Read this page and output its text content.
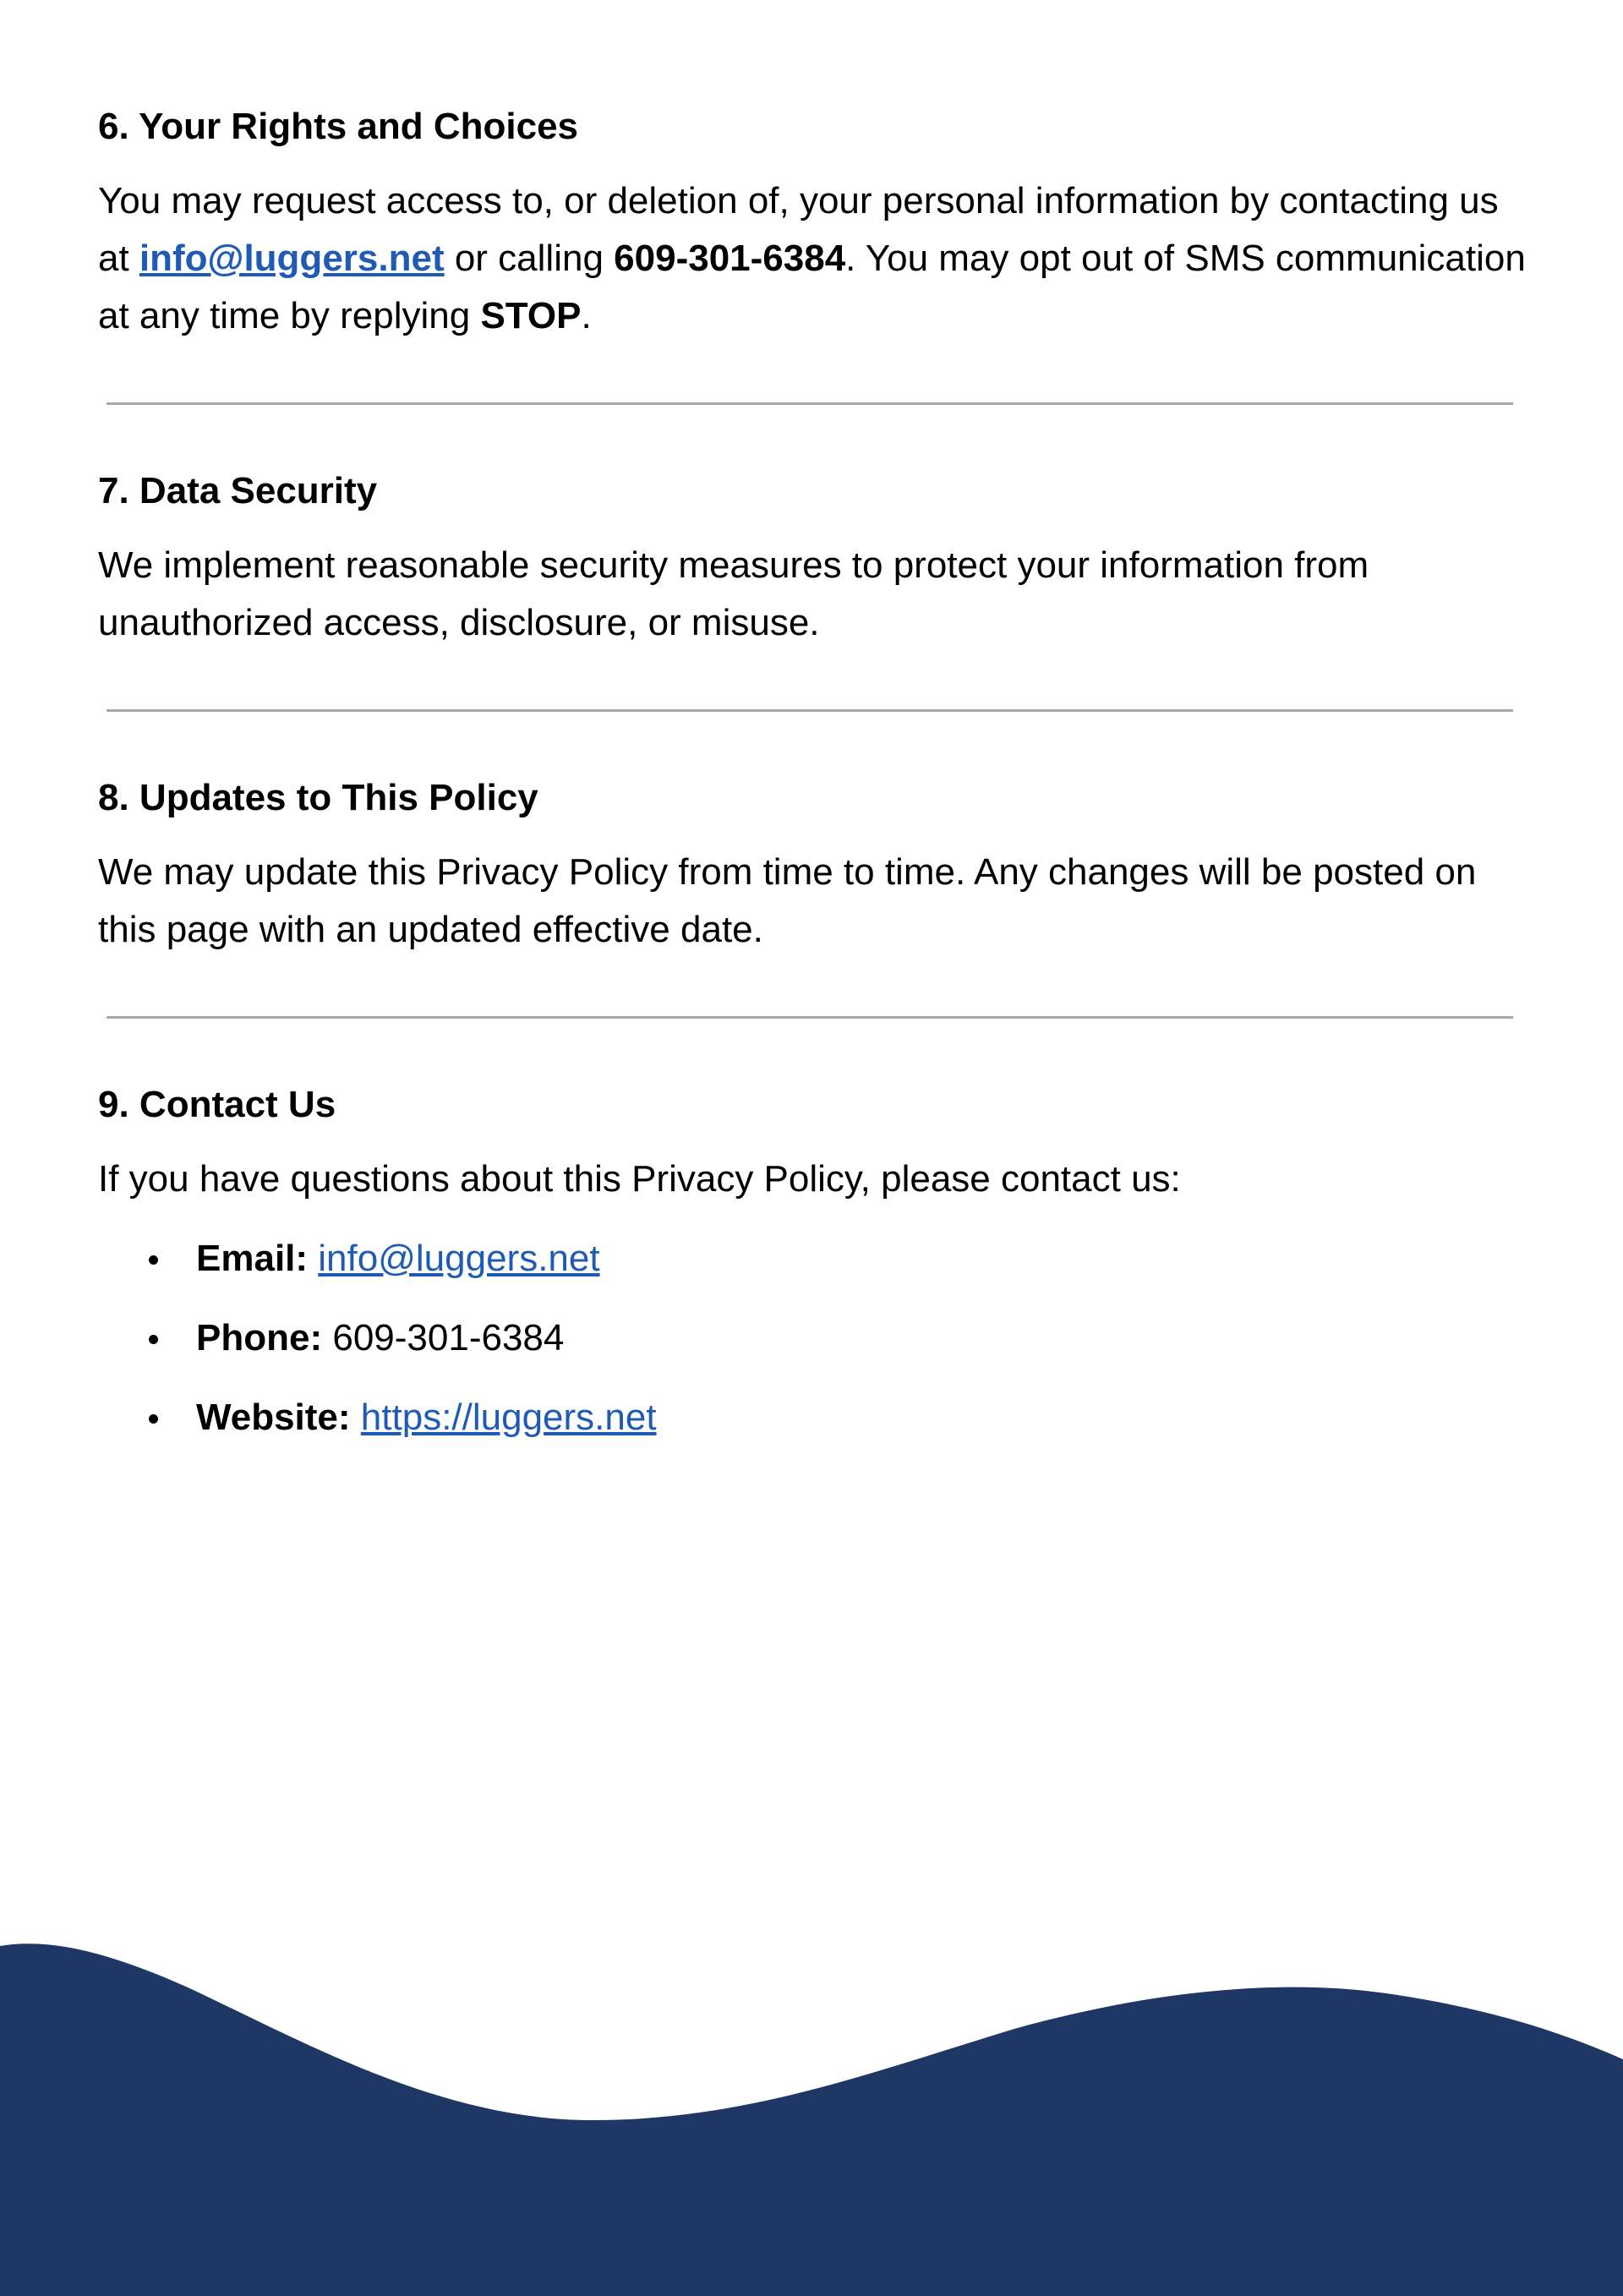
6. Your Rights and Choices

You may request access to, or deletion of, your personal information by contacting us at info@luggers.net or calling 609-301-6384. You may opt out of SMS communication at any time by replying STOP.

7. Data Security

We implement reasonable security measures to protect your information from unauthorized access, disclosure, or misuse.

8. Updates to This Policy

We may update this Privacy Policy from time to time. Any changes will be posted on this page with an updated effective date.

9. Contact Us

If you have questions about this Privacy Policy, please contact us:

Email: info@luggers.net
Phone: 609-301-6384
Website: https://luggers.net
